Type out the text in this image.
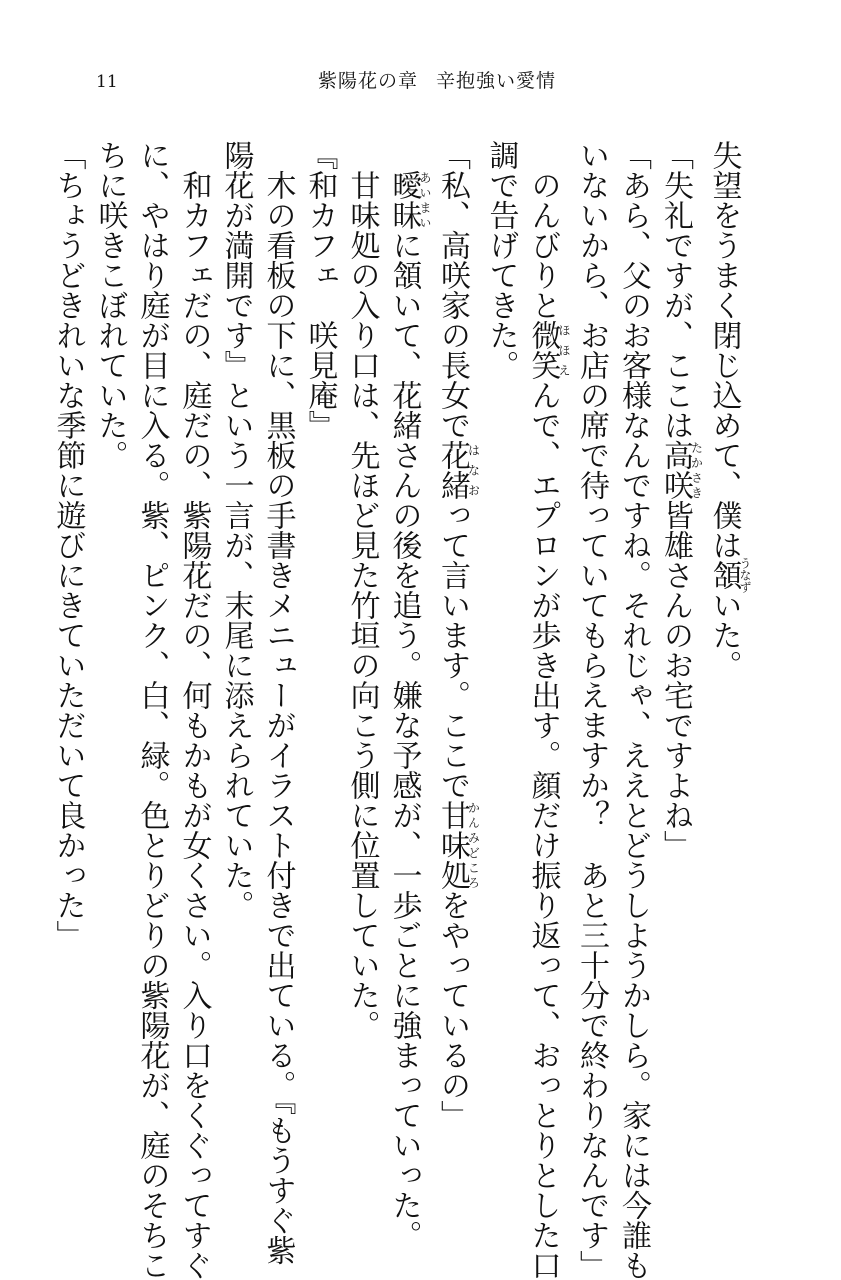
11	紫陽花の章 辛抱強い愛情
失望をうまく閉じ込めて、僕は頷うなずいた。
「失礼ですが、ここは高咲たかさき皆雄さんのお宅ですよね」
「あら、父のお客様なんですね。それじゃ、ええとどうしようかしら。家には今誰も
いないから、お店の席で待っていてもらえますか？　あと三十分で終わりなんです」
　のんびりと微笑ほほえんで、エプロンが歩き出す。顔だけ振り返って、おっとりとした口
調で告げてきた。
「私、高咲家の長女で花緒はなおって言います。ここで甘味処かんみどころをやっているの」
　曖昧あいまいに頷いて、花緒さんの後を追う。嫌な予感が、一歩ごとに強まっていった。
　甘味処の入り口は、先ほど見た竹垣の向こう側に位置していた。
『和カフェ　咲見庵』
　木の看板の下に、黒板の手書きメニューがイラスト付きで出ている。『もうすぐ紫
陽花が満開です』という一言が、末尾に添えられていた。
　和カフェだの、庭だの、紫陽花だの、何もかもが女くさい。入り口をくぐってすぐ
に、やはり庭が目に入る。紫、ピンク、白、緑。色とりどりの紫陽花が、庭のそちこ
ちに咲きこぼれていた。
「ちょうどきれいな季節に遊びにきていただいて良かった」
